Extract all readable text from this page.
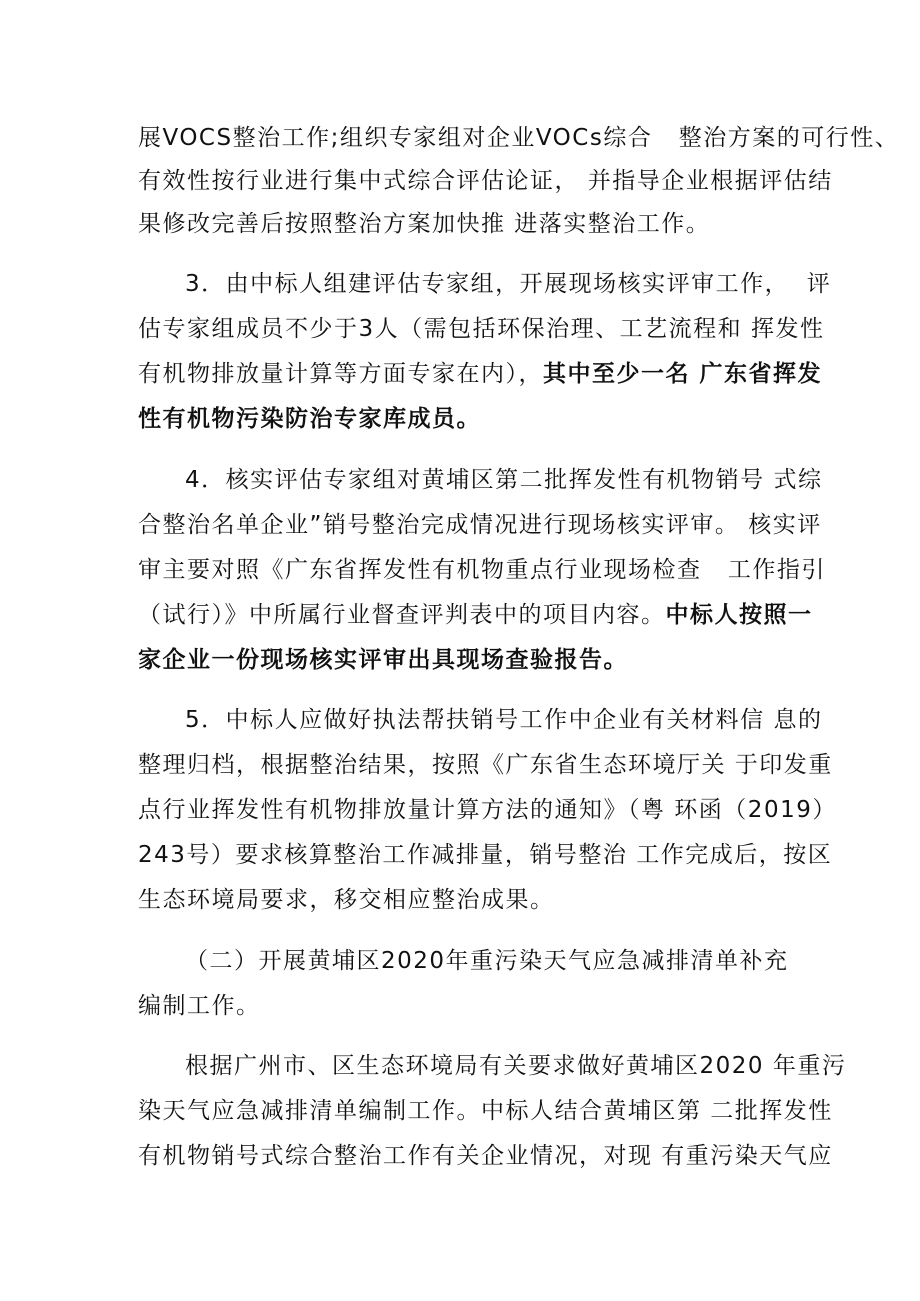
展VOCS整治工作;组织专家组对企业VOCs综合   整治方案的可行性、
有效性按行业进行集中式综合评估论证， 并指导企业根据评估结
果修改完善后按照整治方案加快推 进落实整治工作。
3．由中标人组建评估专家组，开展现场核实评审工作，  评
估专家组成员不少于3人（需包括环保治理、工艺流程和 挥发性
有机物排放量计算等方面专家在内），其中至少一名 广东省挥发
性有机物污染防治专家库成员。
4．核实评估专家组对黄埔区第二批挥发性有机物销号 式综
合整治名单企业”销号整治完成情况进行现场核实评审。 核实评
审主要对照《广东省挥发性有机物重点行业现场检查   工作指引
（试行）》中所属行业督查评判表中的项目内容。中标人按照一
家企业一份现场核实评审出具现场查验报告。
5．中标人应做好执法帮扶销号工作中企业有关材料信 息的
整理归档，根据整治结果，按照《广东省生态环境厅关 于印发重
点行业挥发性有机物排放量计算方法的通知》（粤 环函（2019）
243号）要求核算整治工作减排量，销号整治 工作完成后，按区
生态环境局要求，移交相应整治成果。
（二）开展黄埔区2020年重污染天气应急减排清单补充
编制工作。
根据广州市、区生态环境局有关要求做好黄埔区2020 年重污
染天气应急减排清单编制工作。中标人结合黄埔区第 二批挥发性
有机物销号式综合整治工作有关企业情况，对现 有重污染天气应
